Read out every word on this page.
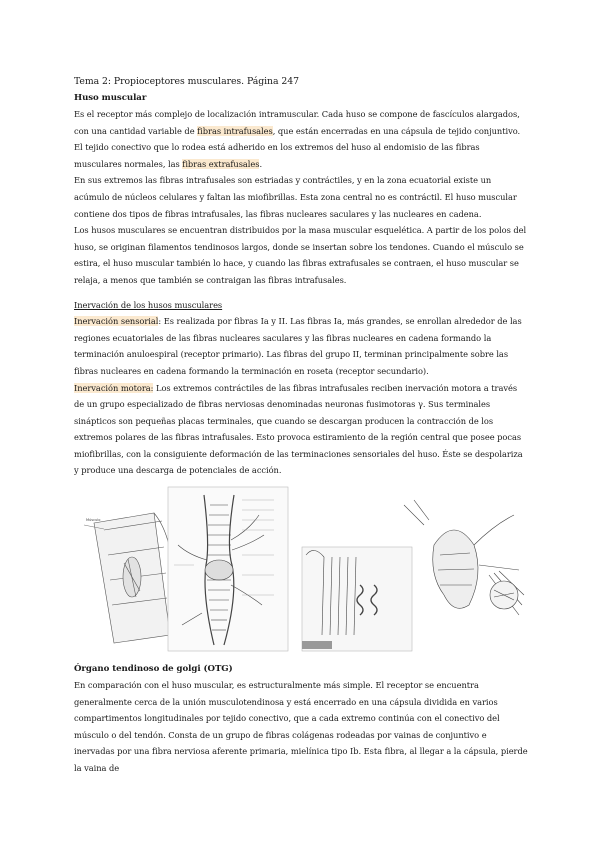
Tema 2: Propioceptores musculares. Página 247
Huso muscular

Es el receptor más complejo de localización intramuscular. Cada huso se compone de fascículos alargados, con una cantidad variable de fibras intrafusales, que están encerradas en una cápsula de tejido conjuntivo. El tejido conectivo que lo rodea está adherido en los extremos del huso al endomisio de las fibras musculares normales, las fibras extrafusales.

En sus extremos las fibras intrafusales son estriadas y contráctiles, y en la zona ecuatorial existe un acúmulo de núcleos celulares y faltan las miofibrillas. Esta zona central no es contráctil. El huso muscular contiene dos tipos de fibras intrafusales, las fibras nucleares saculares y las nucleares en cadena.

Los husos musculares se encuentran distribuidos por la masa muscular esquelética. A partir de los polos del huso, se originan filamentos tendinosos largos, donde se insertan sobre los tendones. Cuando el músculo se estira, el huso muscular también lo hace, y cuando las fibras extrafusales se contraen, el huso muscular se relaja, a menos que también se contraigan las fibras intrafusales.

Inervación de los husos musculares

Inervación sensorial: Es realizada por fibras Ia y II. Las fibras Ia, más grandes, se enrollan alrededor de las regiones ecuatoriales de las fibras nucleares saculares y las fibras nucleares en cadena formando la terminación anuloespiral (receptor primario). Las fibras del grupo II, terminan principalmente sobre las fibras nucleares en cadena formando la terminación en roseta (receptor secundario).

Inervación motora: Los extremos contráctiles de las fibras intrafusales reciben inervación motora a través de un grupo especializado de fibras nerviosas denominadas neuronas fusimotoras γ. Sus terminales sinápticos son pequeñas placas terminales, que cuando se descargan producen la contracción de los extremos polares de las fibras intrafusales. Esto provoca estiramiento de la región central que posee pocas miofibrillas, con la consiguiente deformación de las terminaciones sensoriales del huso. Éste se despolariza y produce una descarga de potenciales de acción.

Músculo
Órgano tendinoso de golgi (OTG)

En comparación con el huso muscular, es estructuralmente más simple. El receptor se encuentra generalmente cerca de la unión musculotendinosa y está encerrado en una cápsula dividida en varios compartimentos longitudinales por tejido conectivo, que a cada extremo continúa con el conectivo del músculo o del tendón. Consta de un grupo de fibras colágenas rodeadas por vainas de conjuntivo e inervadas por una fibra nerviosa aferente primaria, mielínica tipo Ib. Esta fibra, al llegar a la cápsula, pierde la vaina de
